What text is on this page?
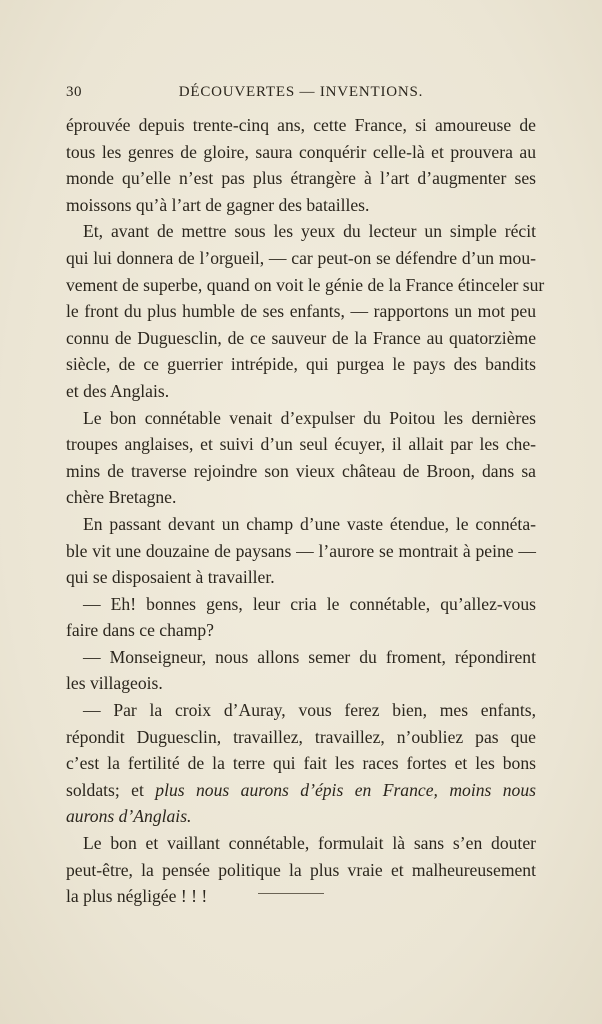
30	DÉCOUVERTES — INVENTIONS.
éprouvée depuis trente-cinq ans, cette France, si amoureuse de
tous les genres de gloire, saura conquérir celle-là et prouvera au
monde qu’elle n’est pas plus étrangère à l’art d’augmenter ses
moissons qu’à l’art de gagner des batailles.
Et, avant de mettre sous les yeux du lecteur un simple récit
qui lui donnera de l’orgueil, — car peut-on se défendre d’un mou-
vement de superbe, quand on voit le génie de la France étinceler sur
le front du plus humble de ses enfants, — rapportons un mot peu
connu de Duguesclin, de ce sauveur de la France au quatorzième
siècle, de ce guerrier intrépide, qui purgea le pays des bandits
et des Anglais.
Le bon connétable venait d’expulser du Poitou les dernières
troupes anglaises, et suivi d’un seul écuyer, il allait par les che-
mins de traverse rejoindre son vieux château de Broon, dans sa
chère Bretagne.
En passant devant un champ d’une vaste étendue, le connéta-
ble vit une douzaine de paysans — l’aurore se montrait à peine —
qui se disposaient à travailler.
— Eh! bonnes gens, leur cria le connétable, qu’allez-vous
faire dans ce champ?
— Monseigneur, nous allons semer du froment, répondirent
les villageois.
— Par la croix d’Auray, vous ferez bien, mes enfants,
répondit Duguesclin, travaillez, travaillez, n’oubliez pas que
c’est la fertilité de la terre qui fait les races fortes et les bons
soldats; et plus nous aurons d’épis en France, moins nous
aurons d’Anglais.
Le bon et vaillant connétable, formulait là sans s’en douter
peut-être, la pensée politique la plus vraie et malheureusement
la plus négligée ! ! !
